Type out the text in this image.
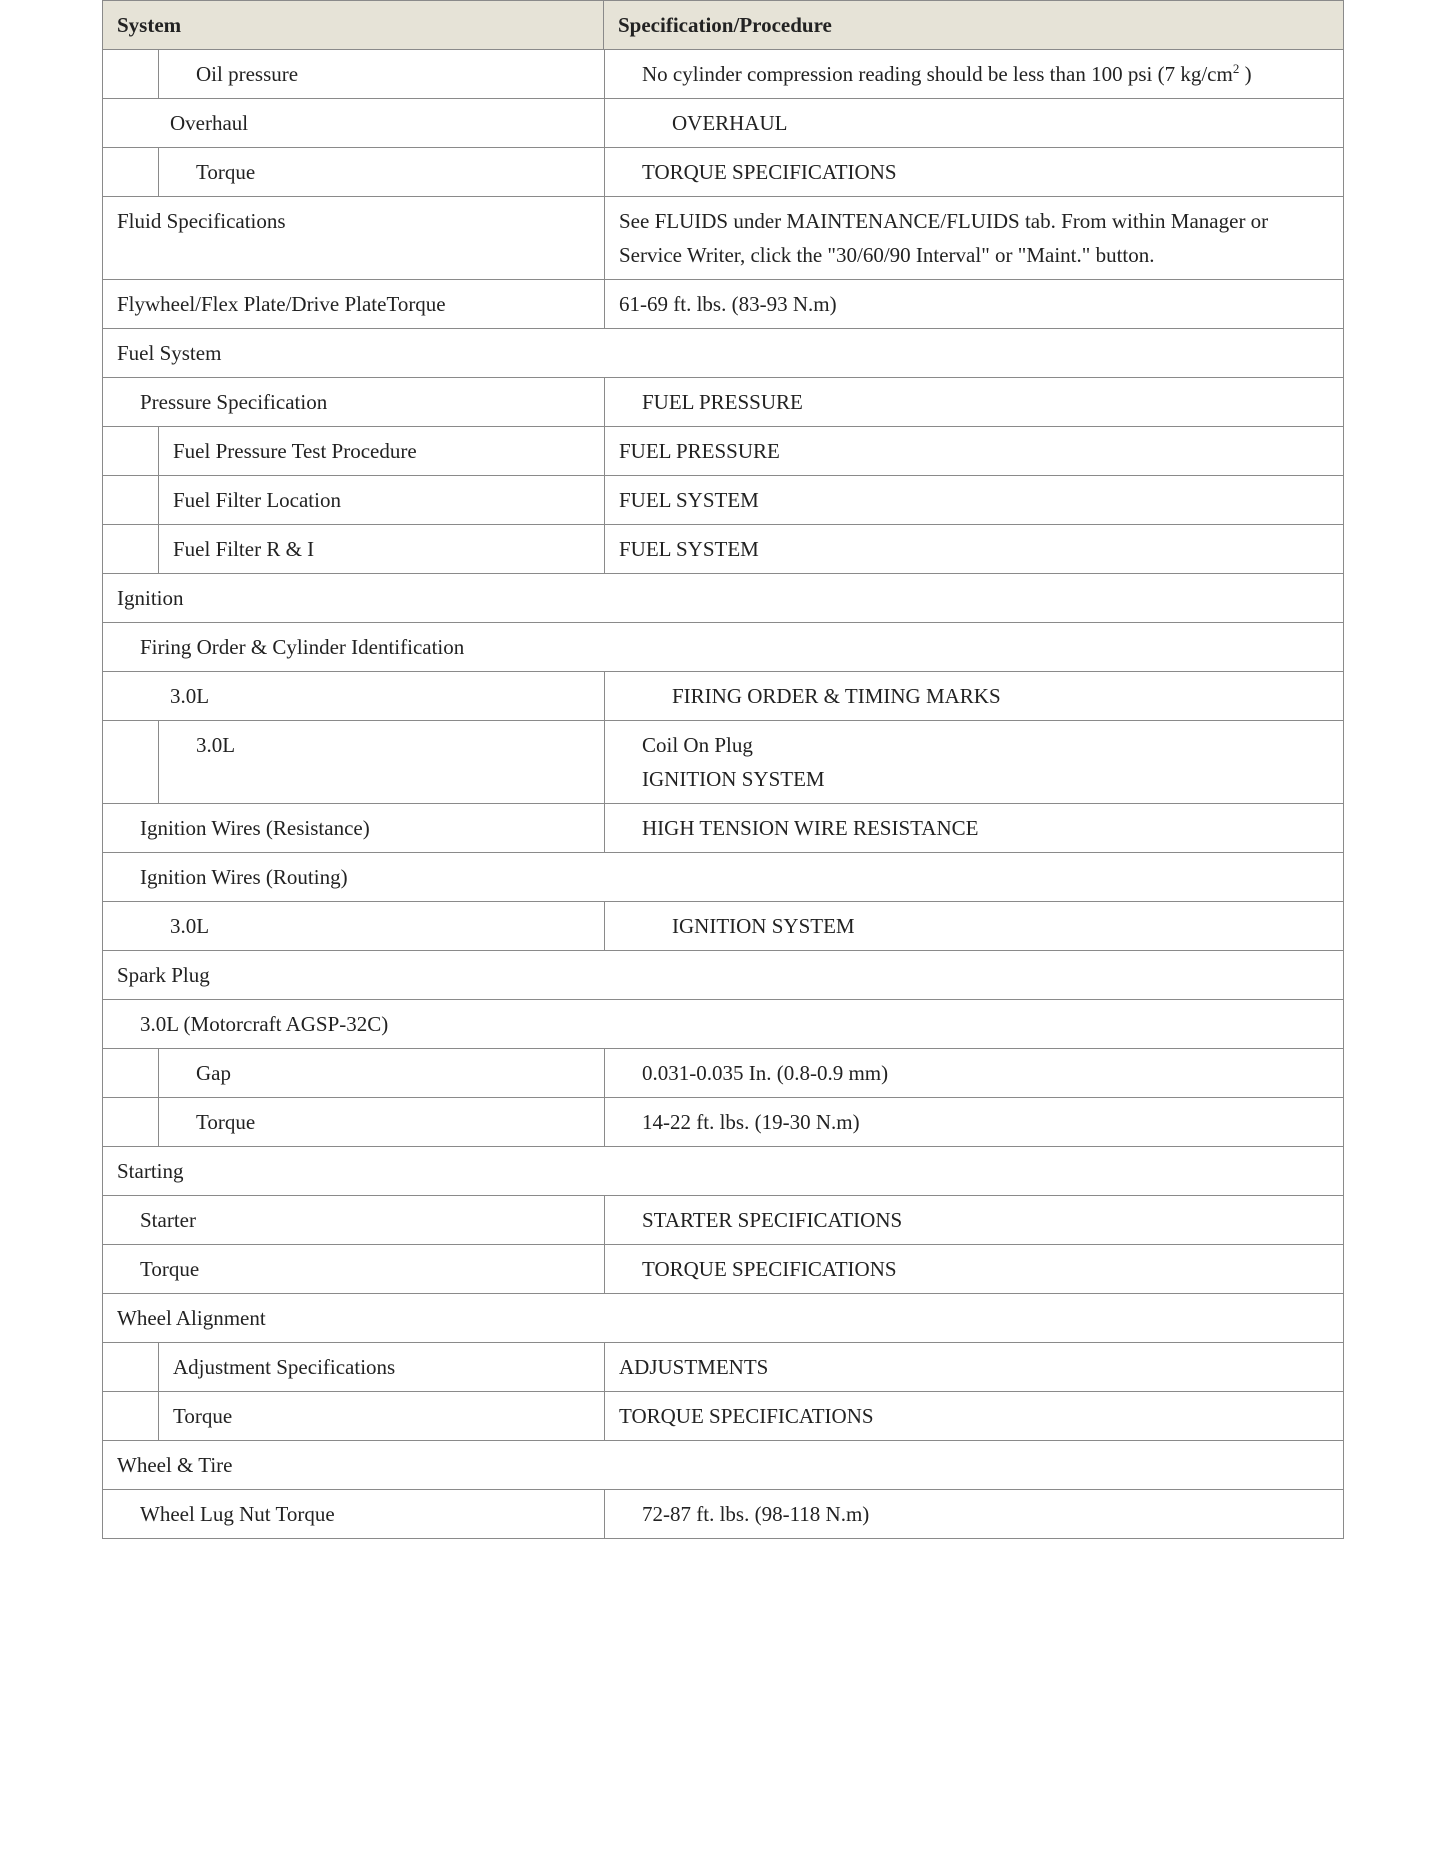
System	Specification/Procedure
Oil pressure	No cylinder compression reading should be less than 100 psi (7 $kg/cm^2$ )
Overhaul	OVERHAUL
Torque	TORQUE SPECIFICATIONS
Fluid Specifications	See FLUIDS under MAINTENANCE/FLUIDS tab. From within Manager or Service Writer, click the "30/60/90 Interval" or "Maint." button.
Flywheel/Flex Plate/Drive PlateTorque	61-69 ft. lbs. (83-93 N.m)
Fuel System
Pressure Specification	FUEL PRESSURE
Fuel Pressure Test Procedure	FUEL PRESSURE
Fuel Filter Location	FUEL SYSTEM
Fuel Filter R & I	FUEL SYSTEM
Ignition
Firing Order & Cylinder Identification
3.0L	FIRING ORDER & TIMING MARKS
3.0L	Coil On Plug
IGNITION SYSTEM
Ignition Wires (Resistance)	HIGH TENSION WIRE RESISTANCE
Ignition Wires (Routing)
3.0L	IGNITION SYSTEM
Spark Plug
3.0L (Motorcraft AGSP-32C)
Gap	0.031-0.035 In. (0.8-0.9 mm)
Torque	14-22 ft. lbs. (19-30 N.m)
Starting
Starter	STARTER SPECIFICATIONS
Torque	TORQUE SPECIFICATIONS
Wheel Alignment
Adjustment Specifications	ADJUSTMENTS
Torque	TORQUE SPECIFICATIONS
Wheel & Tire
Wheel Lug Nut Torque	72-87 ft. lbs. (98-118 N.m)
